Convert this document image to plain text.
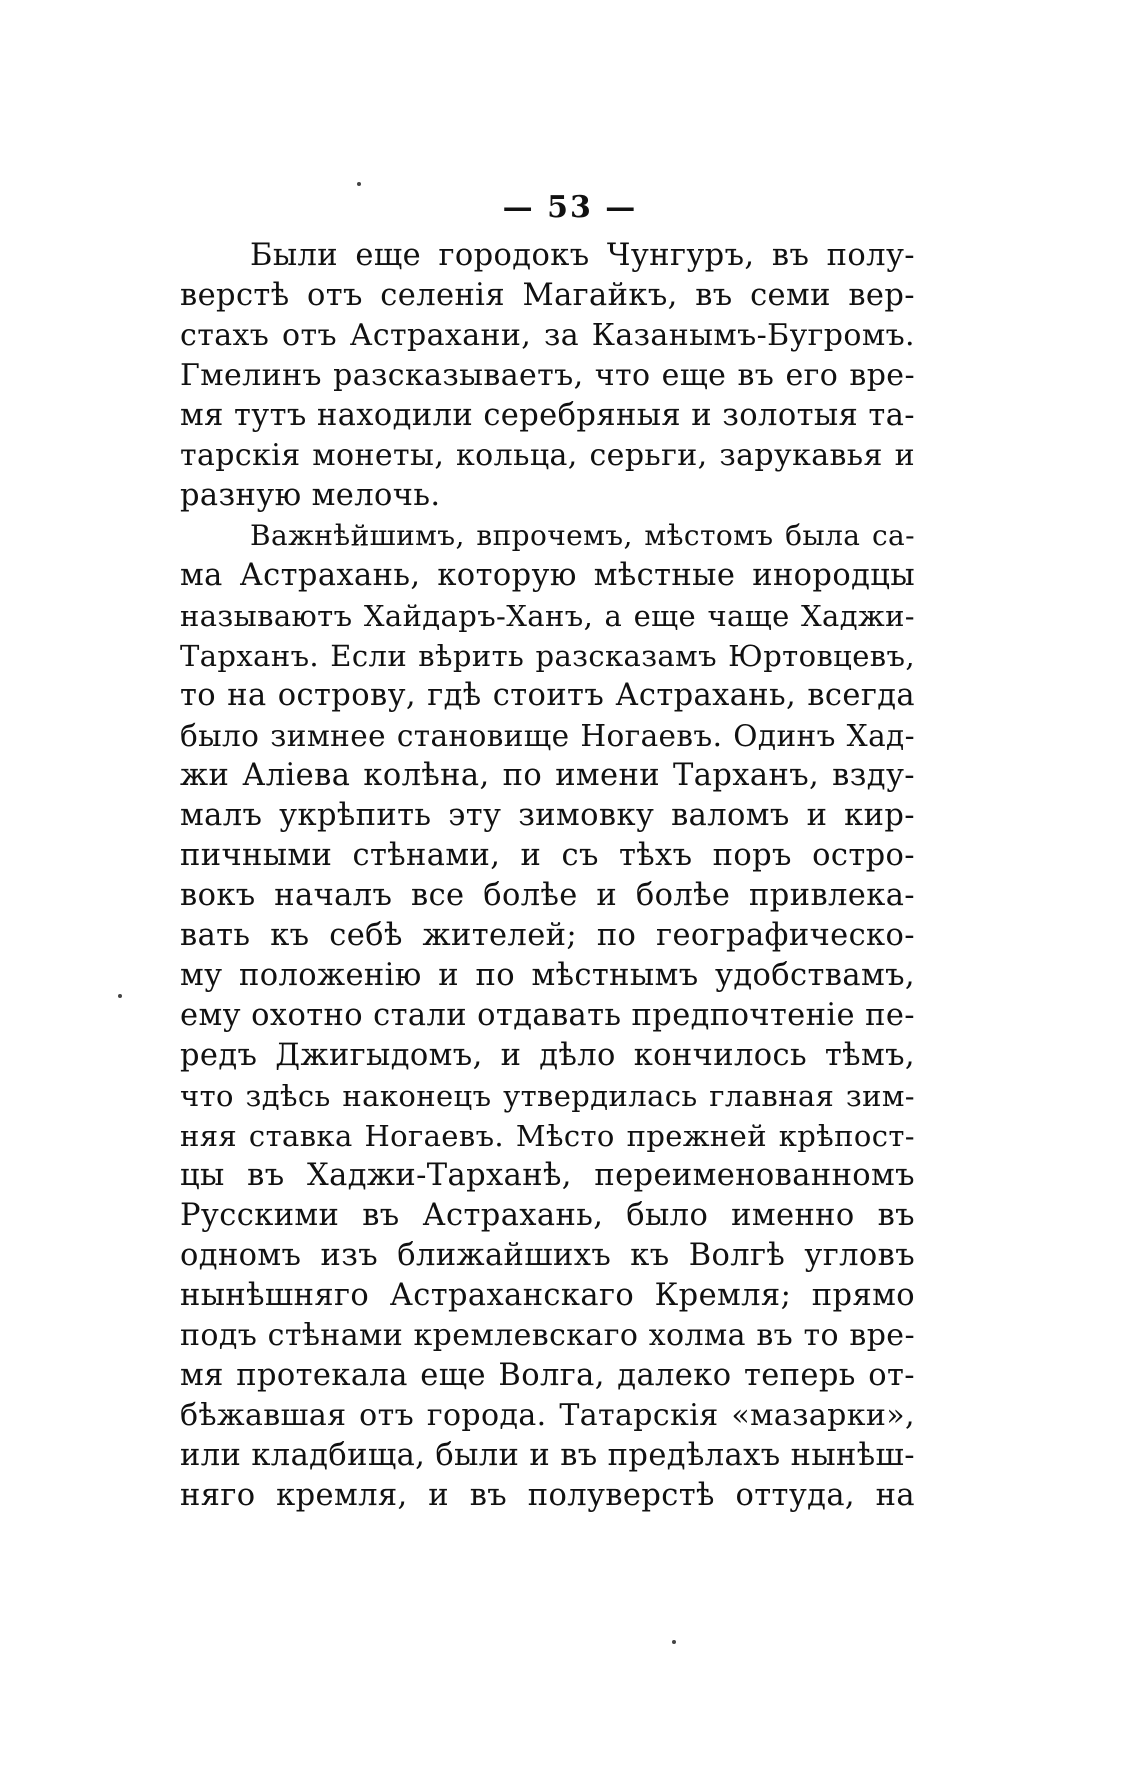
— 53 —
Были еще городокъ Чунгуръ, въ полу-
верстѣ отъ селенія Магайкъ, въ семи вер-
стахъ отъ Астрахани, за Казанымъ-Бугромъ.
Гмелинъ разсказываетъ, что еще въ его вре-
мя тутъ находили серебряныя и золотыя та-
тарскія монеты, кольца, серьги, зарукавья и
разную мелочь.
Важнѣйшимъ, впрочемъ, мѣстомъ была са-
ма Астрахань, которую мѣстные инородцы
называютъ Хайдаръ-Ханъ, а еще чаще Хаджи-
Тарханъ. Если вѣрить разсказамъ Юртовцевъ,
то на острову, гдѣ стоитъ Астрахань, всегда
было зимнее становище Ногаевъ. Одинъ Хад-
жи Аліева колѣна, по имени Тарханъ, взду-
малъ укрѣпить эту зимовку валомъ и кир-
пичными стѣнами, и съ тѣхъ поръ остро-
вокъ началъ все болѣе и болѣе привлека-
вать къ себѣ жителей; по географическо-
му положенію и по мѣстнымъ удобствамъ,
ему охотно стали отдавать предпочтеніе пе-
редъ Джигыдомъ, и дѣло кончилось тѣмъ,
что здѣсь наконецъ утвердилась главная зим-
няя ставка Ногаевъ. Мѣсто прежней крѣпост-
цы въ Хаджи-Тарханѣ, переименованномъ
Русскими въ Астрахань, было именно въ
одномъ изъ ближайшихъ къ Волгѣ угловъ
нынѣшняго Астраханскаго Кремля; прямо
подъ стѣнами кремлевскаго холма въ то вре-
мя протекала еще Волга, далеко теперь от-
бѣжавшая отъ города. Татарскія «мазарки»,
или кладбища, были и въ предѣлахъ нынѣш-
няго кремля, и въ полуверстѣ оттуда, на
